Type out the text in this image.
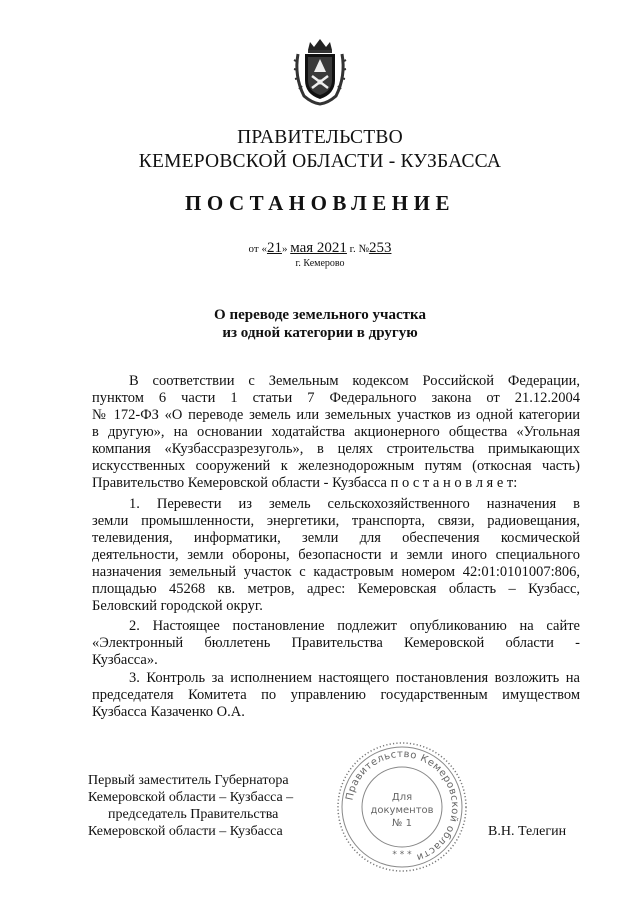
ПРАВИТЕЛЬСТВО
КЕМЕРОВСКОЙ ОБЛАСТИ - КУЗБАССА
ПОСТАНОВЛЕНИЕ
от «21» мая 2021 г. №253
г. Кемерово
О переводе земельного участка
из одной категории в другую
В соответствии с Земельным кодексом Российской Федерации,
пунктом 6 части 1 статьи 7 Федерального закона от 21.12.2004
№ 172-ФЗ «О переводе земель или земельных участков из одной категории
в другую», на основании ходатайства акционерного общества «Угольная
компания «Кузбассразрезуголь», в целях строительства примыкающих
искусственных сооружений к железнодорожным путям (откосная часть)
Правительство Кемеровской области - Кузбасса п о с т а н о в л я е т:
1. Перевести из земель сельскохозяйственного назначения в
земли промышленности, энергетики, транспорта, связи, радиовещания,
телевидения, информатики, земли для обеспечения космической
деятельности, земли обороны, безопасности и земли иного специального
назначения земельный участок с кадастровым номером 42:01:0101007:806,
площадью 45268 кв. метров, адрес: Кемеровская область – Кузбасс,
Беловский городской округ.
2. Настоящее постановление подлежит опубликованию на сайте
«Электронный бюллетень Правительства Кемеровской области -
Кузбасса».
3. Контроль за исполнением настоящего постановления возложить на
председателя Комитета по управлению государственным имуществом
Кузбасса Казаченко О.А.
Первый заместитель Губернатора
Кемеровской области – Кузбасса –
председатель Правительства
Кемеровской области – Кузбасса	В.Н. Телегин
Правительство Кемеровской области
Для
документов
№ 1
* * *
